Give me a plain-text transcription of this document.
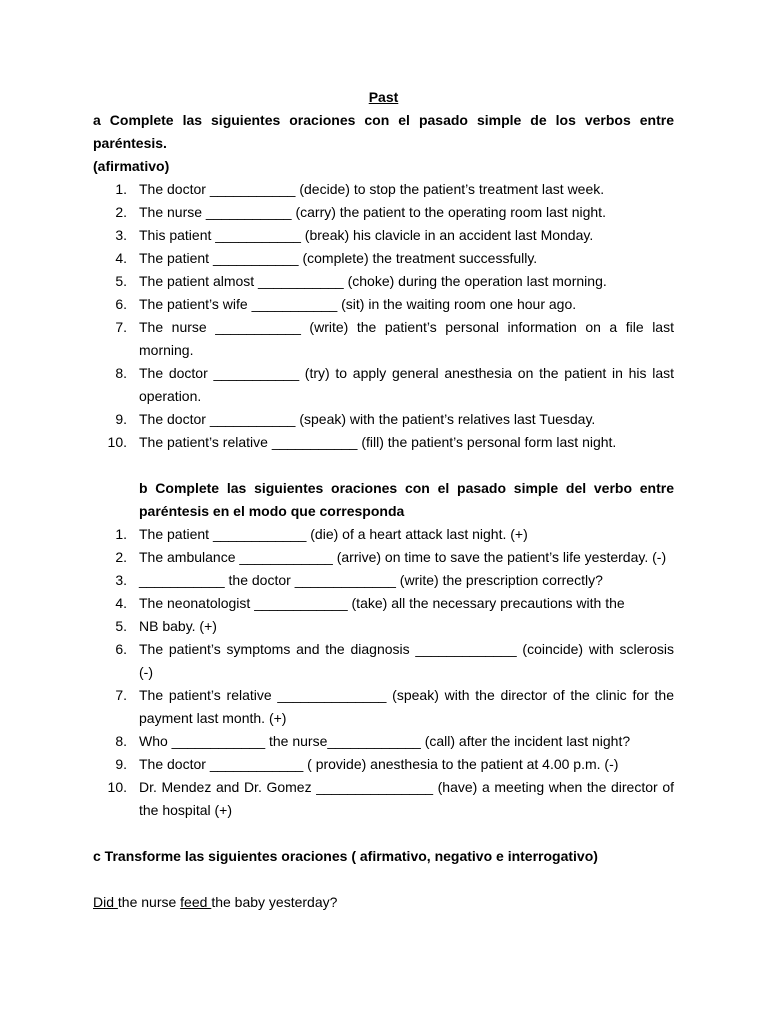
Past
a Complete las siguientes oraciones con el pasado simple de los verbos entre paréntesis.
(afirmativo)
1. The doctor ___________ (decide) to stop the patient’s treatment last week.
2. The nurse ___________ (carry) the patient to the operating room last night.
3. This patient ___________ (break) his clavicle in an accident last Monday.
4. The patient ___________ (complete) the treatment successfully.
5. The patient almost ___________ (choke) during the operation last morning.
6. The patient’s wife ___________ (sit) in the waiting room one hour ago.
7. The nurse ___________ (write) the patient’s personal information on a file last morning.
8. The doctor ___________ (try) to apply general anesthesia on the patient in his last operation.
9. The doctor ___________ (speak) with the patient’s relatives last Tuesday.
10. The patient’s relative ___________ (fill) the patient’s personal form last night.
b Complete las siguientes oraciones con el pasado simple del verbo entre paréntesis en el modo que corresponda
1. The patient ____________ (die) of a heart attack last night. (+)
2. The ambulance ____________ (arrive) on time to save the patient’s life yesterday. (-)
3. ___________ the doctor _____________ (write) the prescription correctly?
4. The neonatologist ____________ (take) all the necessary precautions with the
5. NB baby. (+)
6. The patient’s symptoms and the diagnosis _____________ (coincide) with sclerosis (-)
7. The patient’s relative ______________ (speak) with the director of the clinic for the payment last month. (+)
8. Who ____________ the nurse____________ (call) after the incident last night?
9. The doctor ____________ ( provide) anesthesia to the patient at 4.00 p.m. (-)
10. Dr. Mendez and Dr. Gomez _______________ (have) a meeting when the director of the hospital (+)
c Transforme las siguientes oraciones ( afirmativo, negativo e interrogativo)
Did the nurse feed the baby yesterday?
